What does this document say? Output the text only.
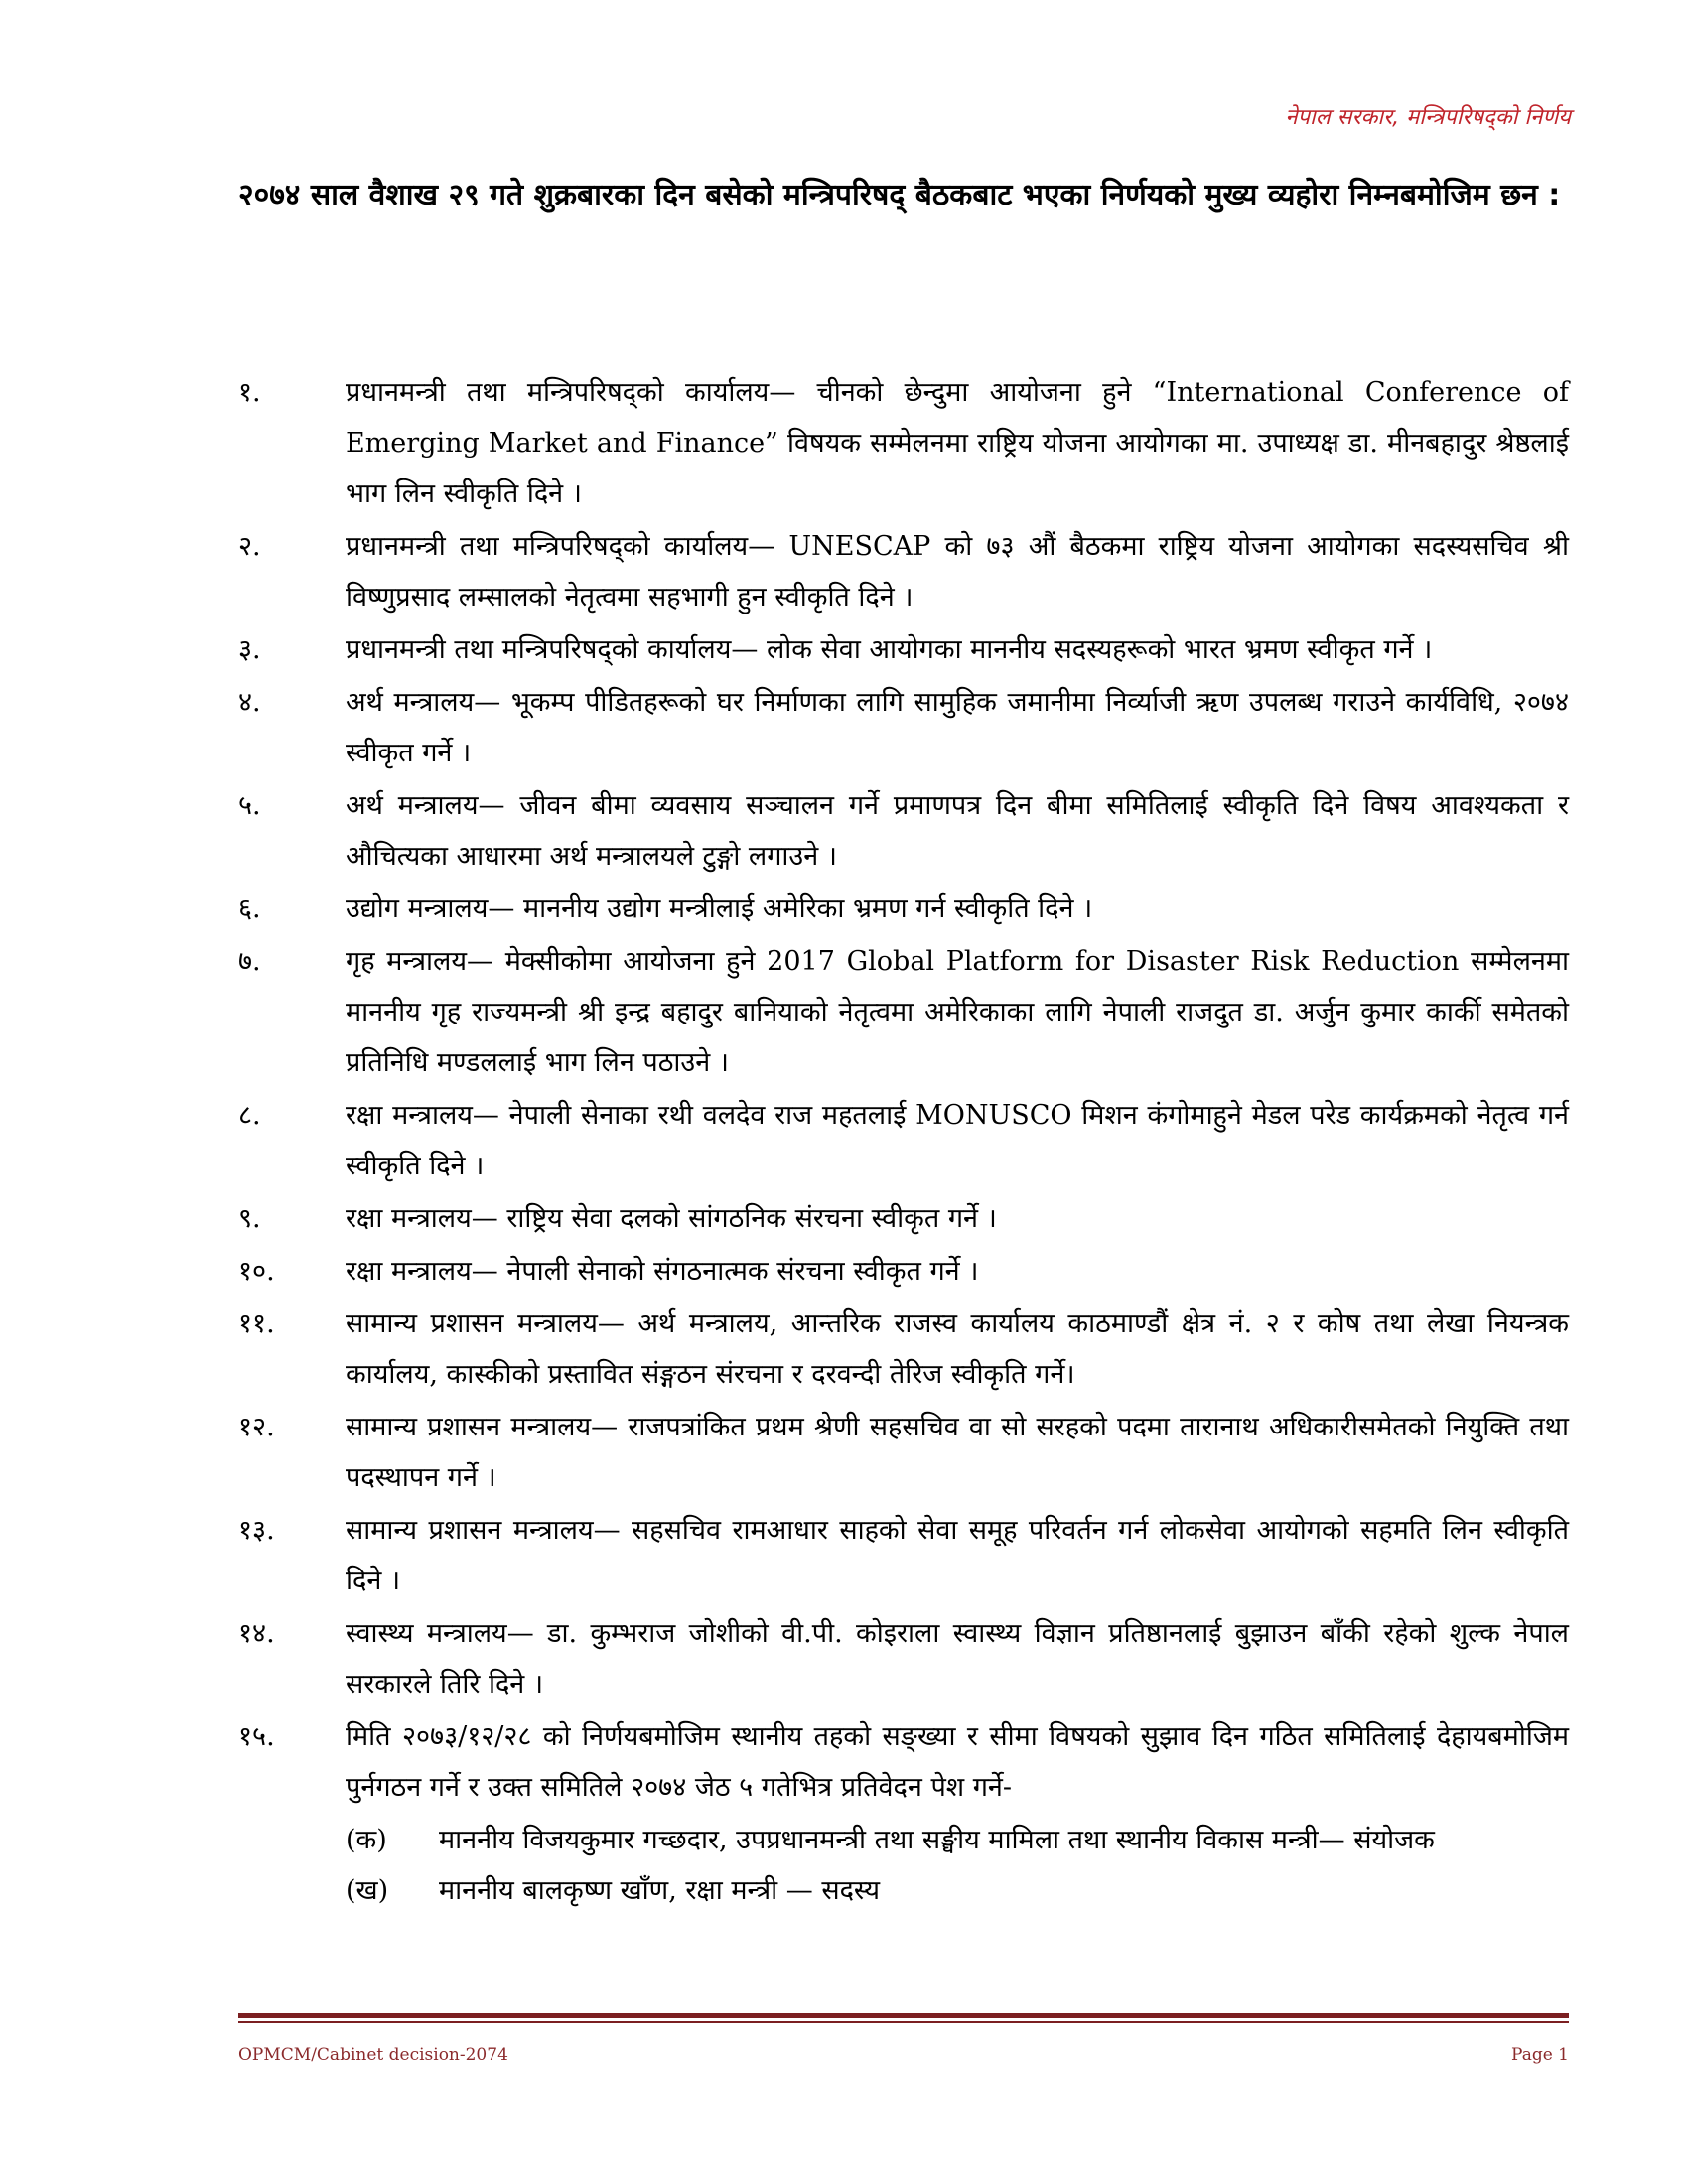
नेपाल सरकार, मन्त्रिपरिषद्को निर्णय
२०७४ साल वैशाख २९ गते शुक्रबारका दिन बसेको मन्त्रिपरिषद् बैठकबाट भएका निर्णयको मुख्य व्यहोरा निम्नबमोजिम छन :
१.	प्रधानमन्त्री तथा मन्त्रिपरिषद्को कार्यालय— चीनको छेन्दुमा आयोजना हुने “International Conference of Emerging Market and Finance” विषयक सम्मेलनमा राष्ट्रिय योजना आयोगका मा. उपाध्यक्ष डा. मीनबहादुर श्रेष्ठलाई भाग लिन स्वीकृति दिने ।
२.	प्रधानमन्त्री तथा मन्त्रिपरिषद्को कार्यालय— UNESCAP को ७३ औं बैठकमा राष्ट्रिय योजना आयोगका सदस्यसचिव श्री विष्णुप्रसाद लम्सालको नेतृत्वमा सहभागी हुन स्वीकृति दिने ।
३.	प्रधानमन्त्री तथा मन्त्रिपरिषद्को कार्यालय— लोक सेवा आयोगका माननीय सदस्यहरूको भारत भ्रमण स्वीकृत गर्ने ।
४.	अर्थ मन्त्रालय— भूकम्प पीडितहरूको घर निर्माणका लागि सामुहिक जमानीमा निर्व्याजी ऋण उपलब्ध गराउने कार्यविधि, २०७४ स्वीकृत गर्ने ।
५.	अर्थ मन्त्रालय— जीवन बीमा व्यवसाय सञ्चालन गर्ने प्रमाणपत्र दिन बीमा समितिलाई स्वीकृति दिने विषय आवश्यकता र औचित्यका आधारमा अर्थ मन्त्रालयले टुङ्गो लगाउने ।
६.	उद्योग मन्त्रालय— माननीय उद्योग मन्त्रीलाई अमेरिका भ्रमण गर्न स्वीकृति दिने ।
७.	गृह मन्त्रालय— मेक्सीकोमा आयोजना हुने 2017 Global Platform for Disaster Risk Reduction सम्मेलनमा माननीय गृह राज्यमन्त्री श्री इन्द्र बहादुर बानियाको नेतृत्वमा अमेरिकाका लागि नेपाली राजदुत डा. अर्जुन कुमार कार्की समेतको प्रतिनिधि मण्डललाई भाग लिन पठाउने ।
८.	रक्षा मन्त्रालय— नेपाली सेनाका रथी वलदेव राज महतलाई MONUSCO मिशन कंगोमाहुने मेडल परेड कार्यक्रमको नेतृत्व गर्न स्वीकृति दिने ।
९.	रक्षा मन्त्रालय— राष्ट्रिय सेवा दलको सांगठनिक संरचना स्वीकृत गर्ने ।
१०.	रक्षा मन्त्रालय— नेपाली सेनाको संगठनात्मक संरचना स्वीकृत गर्ने ।
११.	सामान्य प्रशासन मन्त्रालय— अर्थ मन्त्रालय, आन्तरिक राजस्व कार्यालय काठमाण्डौं क्षेत्र नं. २ र कोष तथा लेखा नियन्त्रक कार्यालय, कास्कीको प्रस्तावित संङ्गठन संरचना र दरवन्दी तेरिज स्वीकृति गर्ने।
१२.	सामान्य प्रशासन मन्त्रालय— राजपत्रांकित प्रथम श्रेणी सहसचिव वा सो सरहको पदमा तारानाथ अधिकारीसमेतको नियुक्ति तथा पदस्थापन गर्ने ।
१३.	सामान्य प्रशासन मन्त्रालय— सहसचिव रामआधार साहको सेवा समूह परिवर्तन गर्न लोकसेवा आयोगको सहमति लिन स्वीकृति दिने ।
१४.	स्वास्थ्य मन्त्रालय— डा. कुम्भराज जोशीको वी.पी. कोइराला स्वास्थ्य विज्ञान प्रतिष्ठानलाई बुझाउन बाँकी रहेको शुल्क नेपाल सरकारले तिरि दिने ।
१५.	मिति २०७३/१२/२८ को निर्णयबमोजिम स्थानीय तहको सङ्ख्या र सीमा विषयको सुझाव दिन गठित समितिलाई देहायबमोजिम पुर्नगठन गर्ने र उक्त समितिले २०७४ जेठ ५ गतेभित्र प्रतिवेदन पेश गर्ने-
(क) माननीय विजयकुमार गच्छदार, उपप्रधानमन्त्री तथा सङ्घीय मामिला तथा स्थानीय विकास मन्त्री— संयोजक
(ख) माननीय बालकृष्ण खाँण, रक्षा मन्त्री — सदस्य
OPMCM/Cabinet decision-2074	Page 1
